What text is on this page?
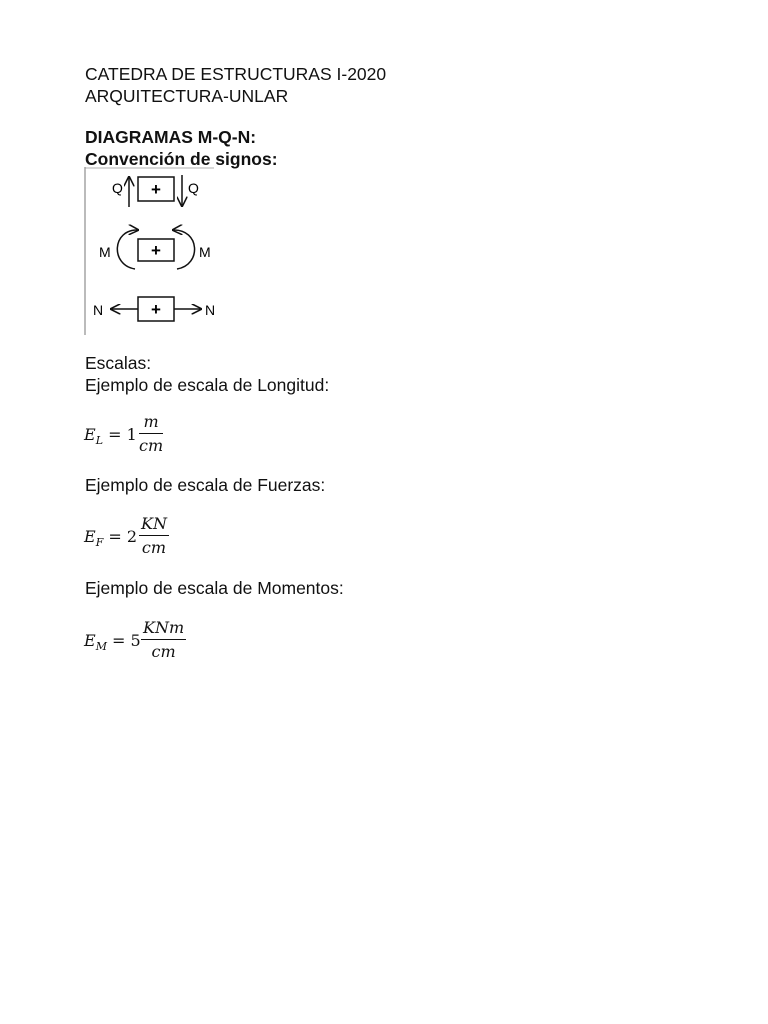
CATEDRA DE ESTRUCTURAS I-2020
ARQUITECTURA-UNLAR
DIAGRAMAS M-Q-N:
Convención de signos:
Q + Q
M +	M
N	+	N
Escalas:
Ejemplo de escala de Longitud:
$E_L = 1 \frac{m}{cm}$
Ejemplo de escala de Fuerzas:
$E_F = 2 \frac{KN}{cm}$
Ejemplo de escala de Momentos:
$E_M = 5$
KNm
cm
